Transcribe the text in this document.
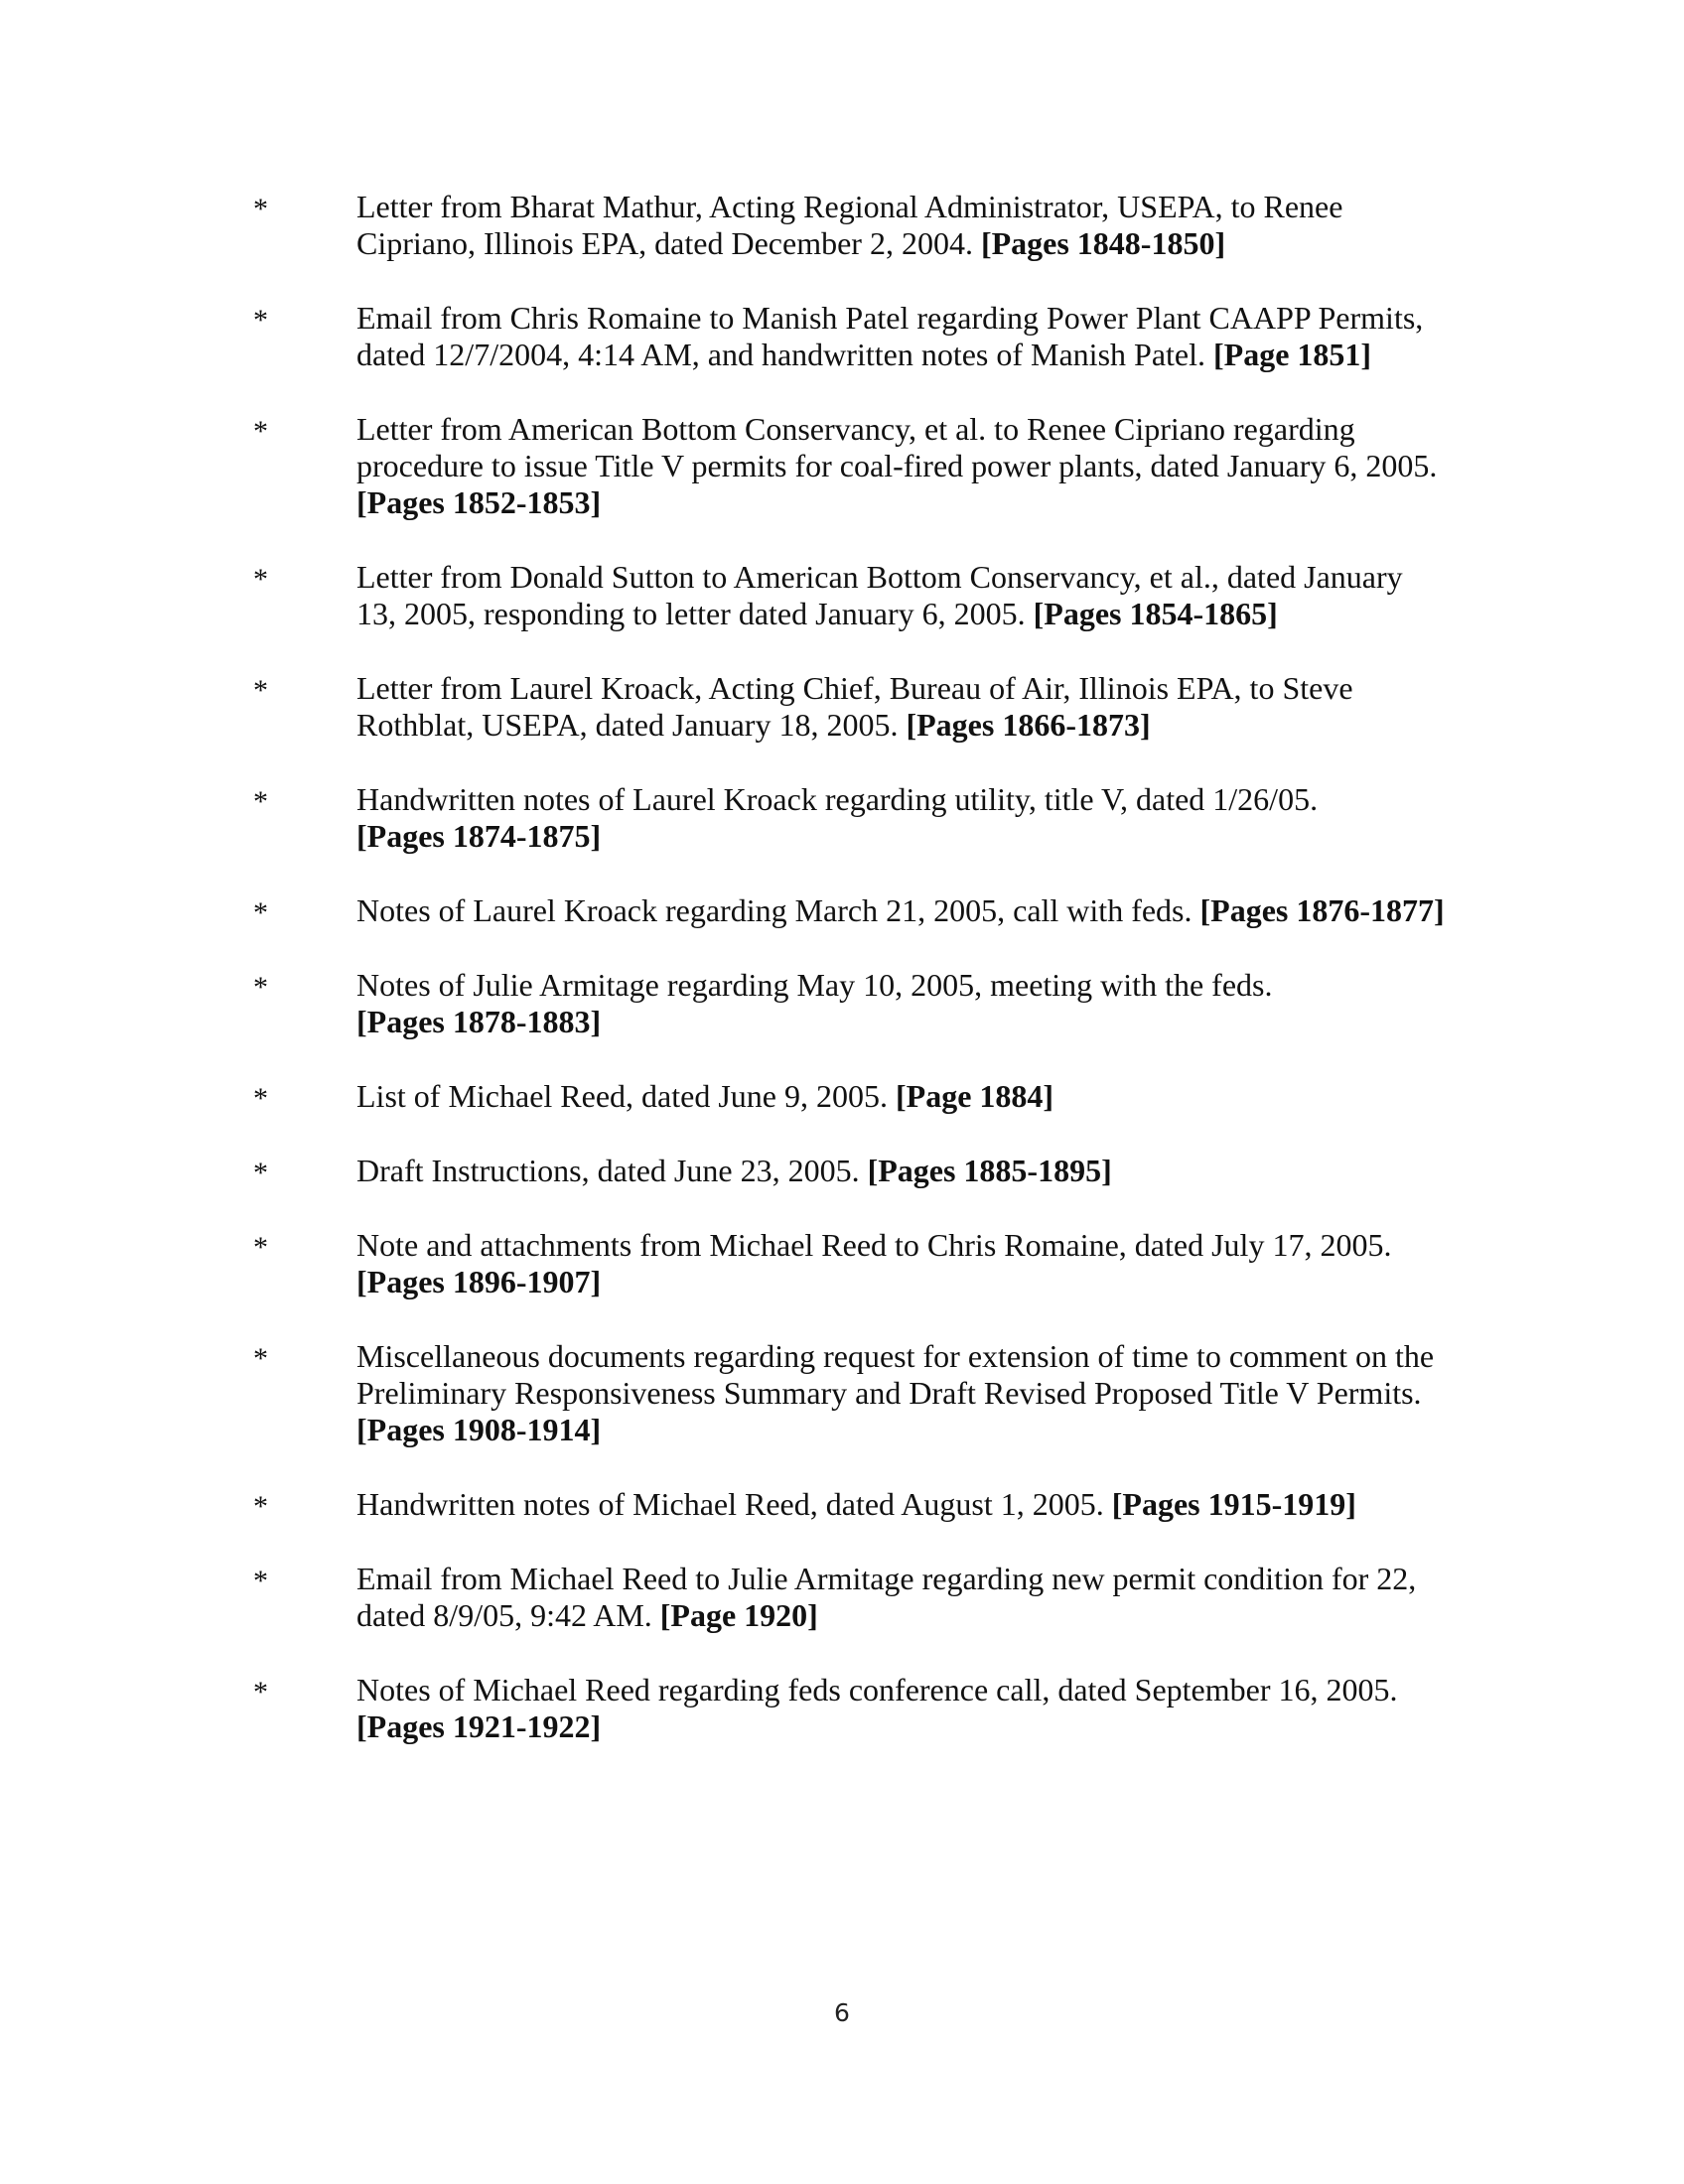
*	Letter from Bharat Mathur, Acting Regional Administrator, USEPA, to Renee Cipriano, Illinois EPA, dated December 2, 2004. [Pages 1848-1850]
*	Email from Chris Romaine to Manish Patel regarding Power Plant CAAPP Permits, dated 12/7/2004, 4:14 AM, and handwritten notes of Manish Patel. [Page 1851]
*	Letter from American Bottom Conservancy, et al. to Renee Cipriano regarding procedure to issue Title V permits for coal-fired power plants, dated January 6, 2005. [Pages 1852-1853]
*	Letter from Donald Sutton to American Bottom Conservancy, et al., dated January 13, 2005, responding to letter dated January 6, 2005. [Pages 1854-1865]
*	Letter from Laurel Kroack, Acting Chief, Bureau of Air, Illinois EPA, to Steve Rothblat, USEPA, dated January 18, 2005. [Pages 1866-1873]
*	Handwritten notes of Laurel Kroack regarding utility, title V, dated 1/26/05. [Pages 1874-1875]
*	Notes of Laurel Kroack regarding March 21, 2005, call with feds. [Pages 1876-1877]
*	Notes of Julie Armitage regarding May 10, 2005, meeting with the feds. [Pages 1878-1883]
*	List of Michael Reed, dated June 9, 2005. [Page 1884]
*	Draft Instructions, dated June 23, 2005. [Pages 1885-1895]
*	Note and attachments from Michael Reed to Chris Romaine, dated July 17, 2005. [Pages 1896-1907]
*	Miscellaneous documents regarding request for extension of time to comment on the Preliminary Responsiveness Summary and Draft Revised Proposed Title V Permits. [Pages 1908-1914]
*	Handwritten notes of Michael Reed, dated August 1, 2005. [Pages 1915-1919]
*	Email from Michael Reed to Julie Armitage regarding new permit condition for 22, dated 8/9/05, 9:42 AM. [Page 1920]
*	Notes of Michael Reed regarding feds conference call, dated September 16, 2005. [Pages 1921-1922]
6
